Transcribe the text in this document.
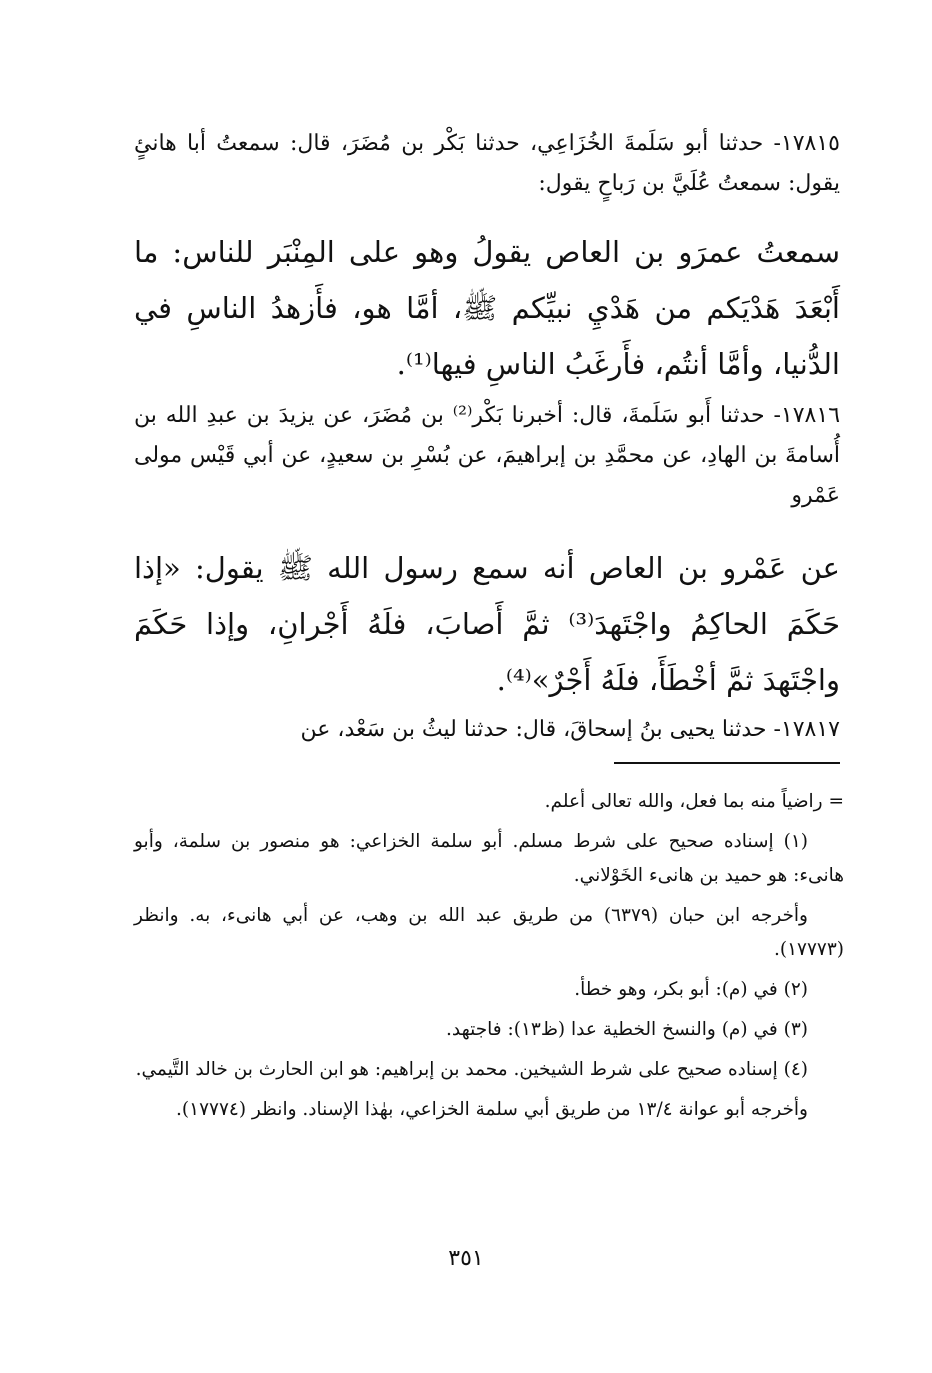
١٧٨١٥- حدثنا أبو سَلَمةَ الخُزَاعِي، حدثنا بَكْر بن مُضَرَ، قال: سمعتُ أبا هانئٍ يقول: سمعتُ عُلَيَّ بن رَباحٍ يقول:
سمعتُ عمرَو بن العاص يقولُ وهو على المِنْبَر للناس: ما أَبْعَدَ هَدْيَكم من هَدْيِ نبيِّكم ﷺ، أمَّا هو، فأَزهدُ الناسِ في الدُّنيا، وأمَّا أنتُم، فأَرغَبُ الناسِ فيها⁽¹⁾.
١٧٨١٦- حدثنا أَبو سَلَمةَ، قال: أخبرنا بَكْر⁽²⁾ بن مُضَرَ، عن يزيدَ بن عبدِ الله بن أُسامةَ بن الهادِ، عن محمَّدِ بن إبراهيمَ، عن بُسْرِ بن سعيدٍ، عن أبي قَيْس مولى عَمْرو
عن عَمْرو بن العاص أنه سمع رسول الله ﷺ يقول: «إذا حَكَمَ الحاكِمُ واجْتَهدَ⁽³⁾ ثمَّ أَصابَ، فلَهُ أَجْرانِ، وإذا حَكَمَ واجْتَهدَ ثمَّ أخْطَأَ، فلَهُ أَجْرٌ»⁽⁴⁾.
١٧٨١٧- حدثنا يحيى بنُ إسحاقَ، قال: حدثنا ليثُ بن سَعْد، عن

= راضياً منه بما فعل، والله تعالى أعلم.

(١) إسناده صحيح على شرط مسلم. أبو سلمة الخزاعي: هو منصور بن سلمة، وأبو هانىء: هو حميد بن هانىء الخَوْلاني.

وأخرجه ابن حبان (٦٣٧٩) من طريق عبد الله بن وهب، عن أبي هانىء، به. وانظر (١٧٧٧٣).

(٢) في (م): أبو بكر، وهو خطأ.

(٣) في (م) والنسخ الخطية عدا (ظ١٣): فاجتهد.

(٤) إسناده صحيح على شرط الشيخين. محمد بن إبراهيم: هو ابن الحارث بن خالد التَّيمي.

وأخرجه أبو عوانة ١٣/٤ من طريق أبي سلمة الخزاعي، بهٰذا الإسناد. وانظر (١٧٧٧٤).

٣٥١
